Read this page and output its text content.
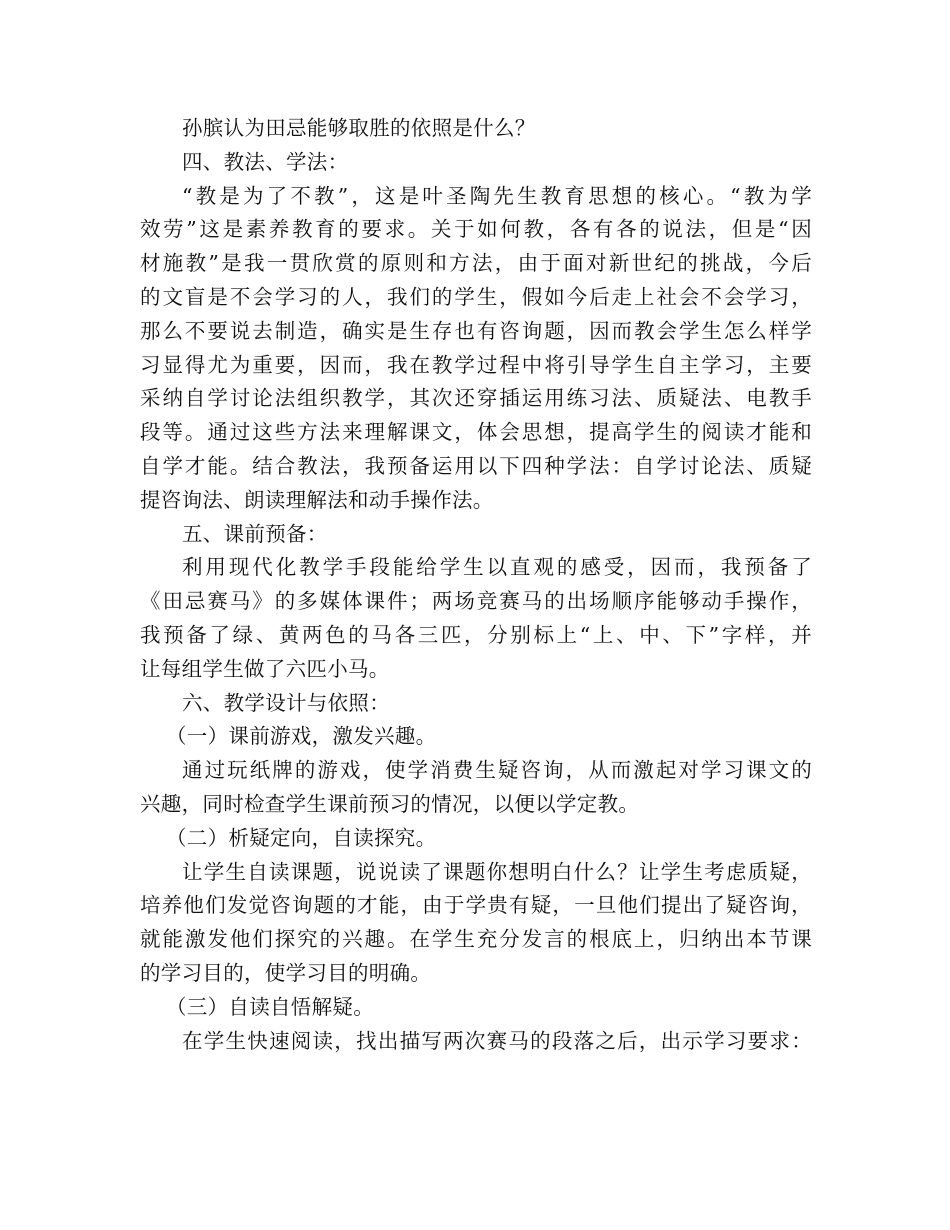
孙膑认为田忌能够取胜的依照是什么？
四、教法、学法：
“教是为了不教”，这是叶圣陶先生教育思想的核心。“教为学
效劳”这是素养教育的要求。关于如何教，各有各的说法，但是“因
材施教”是我一贯欣赏的原则和方法，由于面对新世纪的挑战，今后
的文盲是不会学习的人，我们的学生，假如今后走上社会不会学习，
那么不要说去制造，确实是生存也有咨询题，因而教会学生怎么样学
习显得尤为重要，因而，我在教学过程中将引导学生自主学习，主要
采纳自学讨论法组织教学，其次还穿插运用练习法、质疑法、电教手
段等。通过这些方法来理解课文，体会思想，提高学生的阅读才能和
自学才能。结合教法，我预备运用以下四种学法：自学讨论法、质疑
提咨询法、朗读理解法和动手操作法。
五、课前预备：
利用现代化教学手段能给学生以直观的感受，因而，我预备了
《田忌赛马》的多媒体课件；两场竞赛马的出场顺序能够动手操作，
我预备了绿、黄两色的马各三匹，分别标上“上、中、下”字样，并
让每组学生做了六匹小马。
六、教学设计与依照：
（一）课前游戏，激发兴趣。
通过玩纸牌的游戏，使学消费生疑咨询，从而激起对学习课文的
兴趣，同时检查学生课前预习的情况，以便以学定教。
（二）析疑定向，自读探究。
让学生自读课题，说说读了课题你想明白什么？让学生考虑质疑，
培养他们发觉咨询题的才能，由于学贵有疑，一旦他们提出了疑咨询，
就能激发他们探究的兴趣。在学生充分发言的根底上，归纳出本节课
的学习目的，使学习目的明确。
（三）自读自悟解疑。
在学生快速阅读，找出描写两次赛马的段落之后，出示学习要求：
